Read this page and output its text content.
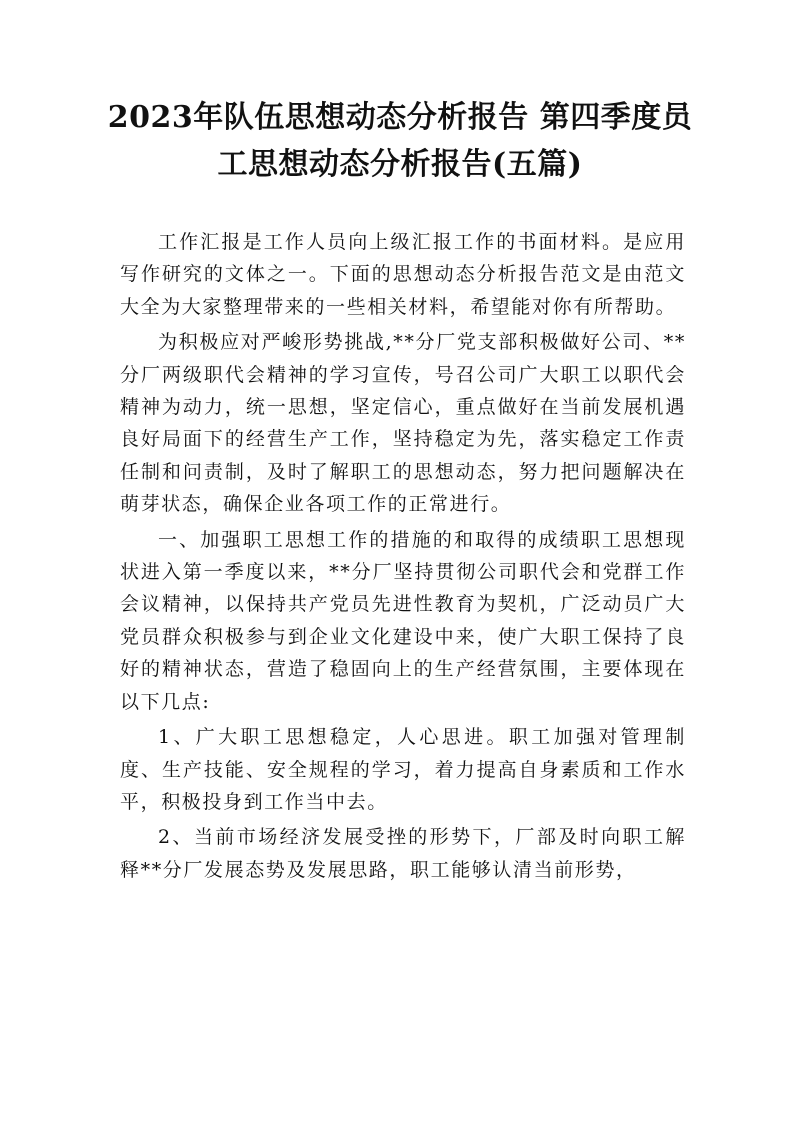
2023年队伍思想动态分析报告 第四季度员
工思想动态分析报告(五篇)

工作汇报是工作人员向上级汇报工作的书面材料。是应用写作研究的文体之一。下面的思想动态分析报告范文是由范文大全为大家整理带来的一些相关材料，希望能对你有所帮助。

为积极应对严峻形势挑战,**分厂党支部积极做好公司、**分厂两级职代会精神的学习宣传，号召公司广大职工以职代会精神为动力，统一思想，坚定信心，重点做好在当前发展机遇良好局面下的经营生产工作，坚持稳定为先，落实稳定工作责任制和问责制，及时了解职工的思想动态，努力把问题解决在萌芽状态，确保企业各项工作的正常进行。

一、加强职工思想工作的措施的和取得的成绩职工思想现状进入第一季度以来，**分厂坚持贯彻公司职代会和党群工作会议精神，以保持共产党员先进性教育为契机，广泛动员广大党员群众积极参与到企业文化建设中来，使广大职工保持了良好的精神状态，营造了稳固向上的生产经营氛围，主要体现在以下几点:

1、广大职工思想稳定，人心思进。职工加强对管理制度、生产技能、安全规程的学习，着力提高自身素质和工作水平，积极投身到工作当中去。

2、当前市场经济发展受挫的形势下，厂部及时向职工解释**分厂发展态势及发展思路，职工能够认清当前形势，
